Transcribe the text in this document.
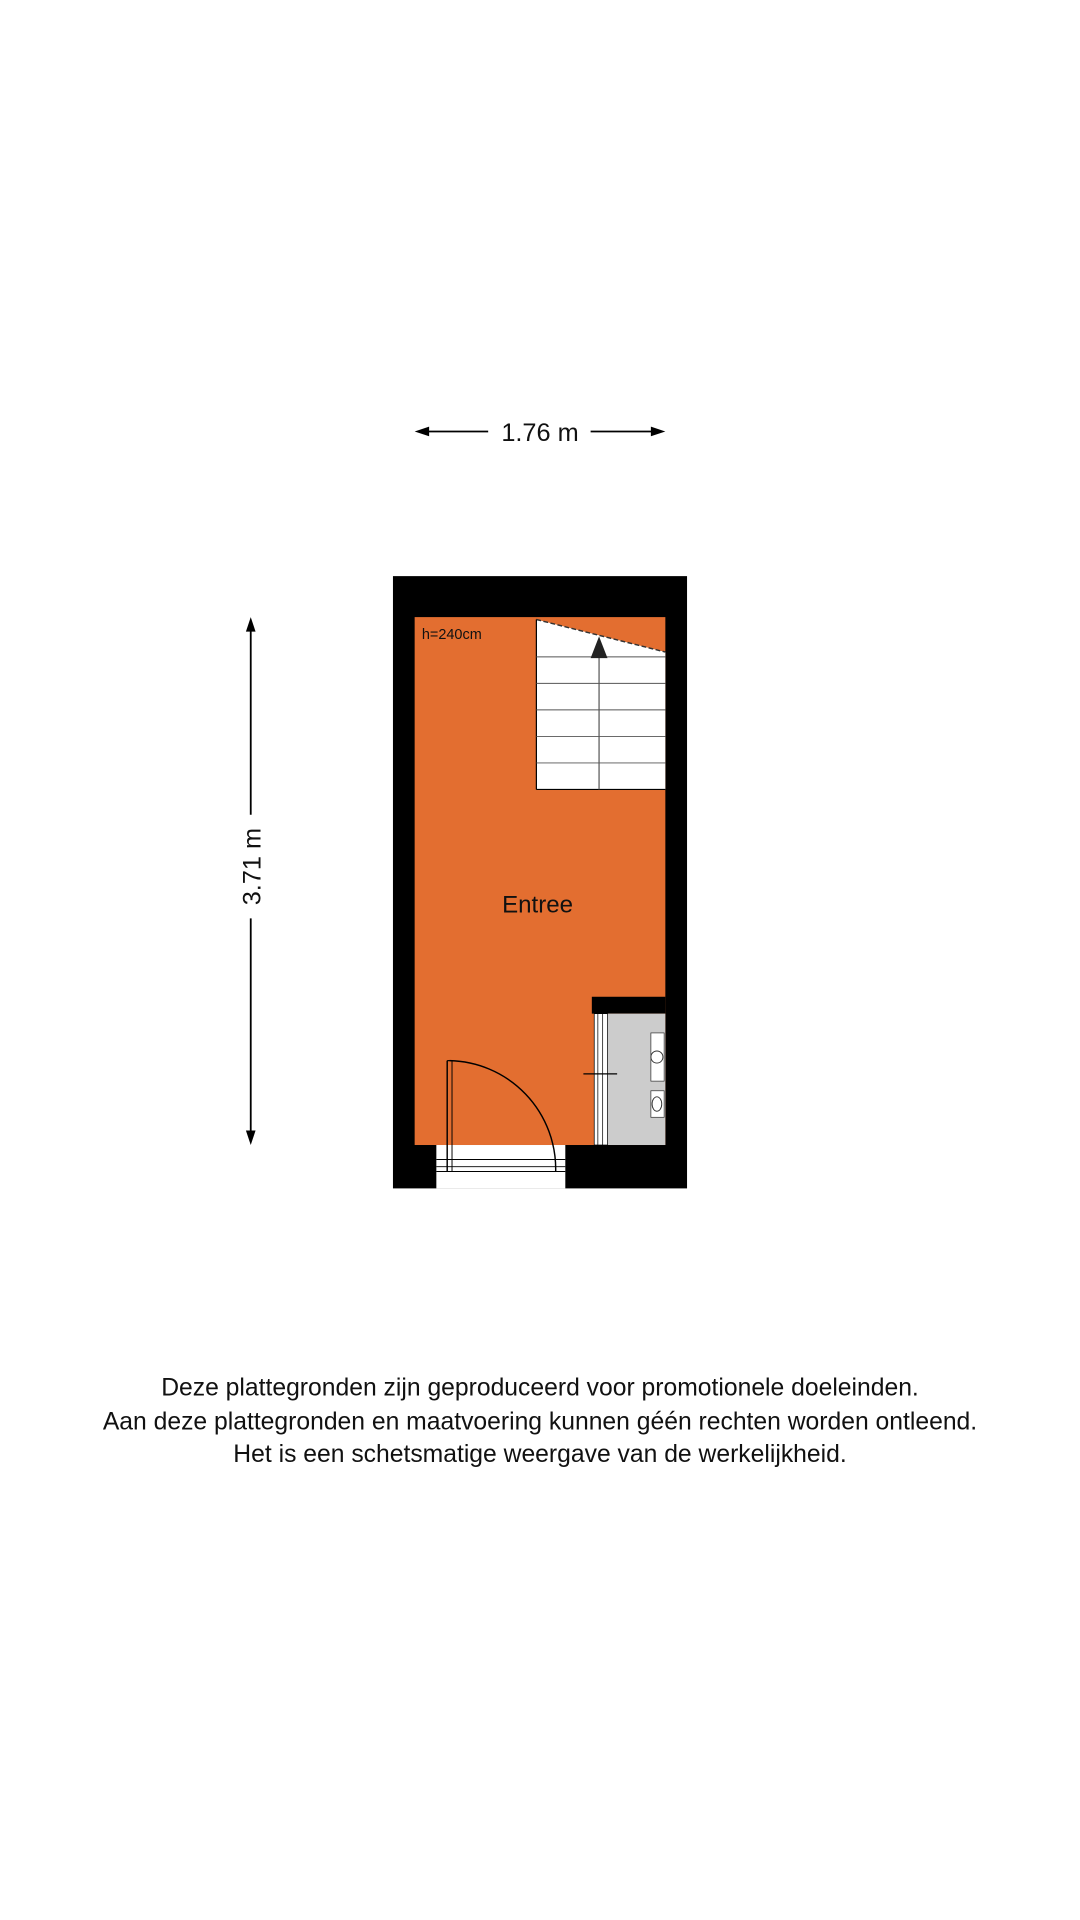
1.76 m
3.71 m
h=240cm
Entree
Deze plattegronden zijn geproduceerd voor promotionele doeleinden.
Aan deze plattegronden en maatvoering kunnen géén rechten worden ontleend.
Het is een schetsmatige weergave van de werkelijkheid.
